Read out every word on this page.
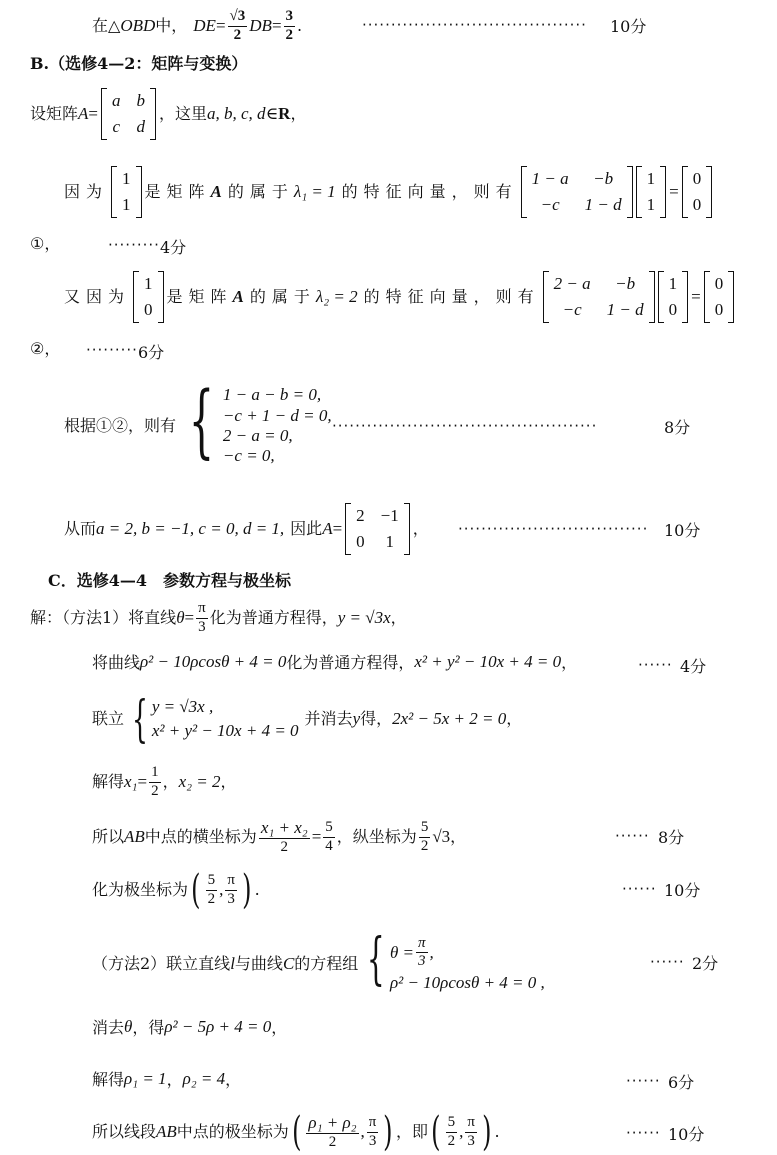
在△ OBD 中， DE = $\frac{√3}{2}$ DB = $\frac{3}{2}$ .	······································· 10分
B.（选修4—2：矩阵与变换）
设矩阵 A =
a b
c d
，这里 a, b, c, d ∈ R ，
因为
1
1
是矩阵 A 的属于 λ₁ = 1 的特征向量，则有
1 − a	−b
−c	1 − d
1
1
=
0
0
①，	········· 4分
又因为
1
0
是矩阵 A 的属于 λ₂ = 2 的特征向量，则有
2 − a	−b
−c	1 − d
1
0
=
0
0
②， ········· 6分
根据①②，则有 { 1 − a − b = 0,
−c + 1 − d = 0,
2 − a = 0,
−c = 0,
··············································	8分
从而 a = 2, b = −1, c = 0, d = 1, 因此 A =
2 −1
0 1
， ································· 10分
C．选修4—4　参数方程与极坐标
解：（方法1）将直线 $\theta = \frac{\pi}{3}$ 化为普通方程得， y = √3x ，
将曲线 ρ² − 10ρcosθ + 4 = 0 化为普通方程得， x² + y² − 10x + 4 = 0 ，	······ 4分
联立 { y = √3x ,
x² + y² − 10x + 4 = 0
并消去 y 得， 2x² − 5x + 2 = 0 ，
解得 $x_1 = \frac{1}{2}$ ， x₂ = 2 ，
所以 AB 中点的横坐标为 $\frac{\text{x₁ + x₂}}{2} = \frac{5}{4}$ ，纵坐标为 $\frac{5}{2} √3$ ，	······ 8分
化为极坐标为 ( $\frac{5}{2}$ , $\frac{\pi}{3}$ ) .	······ 10分
（方法2）联立直线 l 与曲线 C 的方程组 { $\theta = \frac{\pi}{3}$ ,
ρ² − 10ρcosθ + 4 = 0 ,
······ 2分
消去 θ ，得 ρ² − 5ρ + 4 = 0 ，
解得 ρ₁ = 1 ， ρ₂ = 4 ，	······ 6分
所以线段 AB 中点的极坐标为 ( $\frac{\text{ρ₁ + ρ₂}}{2}$ , $\frac{\pi}{3}$ ) ，即 ( $\frac{5}{2}$ , $\frac{\pi}{3}$ ) .	······ 10分
